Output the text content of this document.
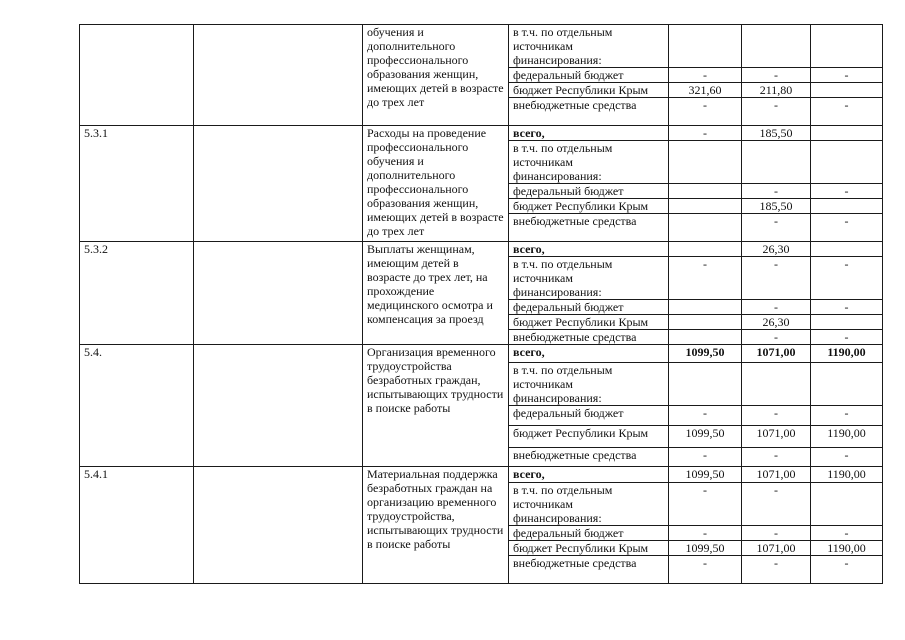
		обучения и дополнительного профессионального образования женщин, имеющих детей в возрасте до трех лет	в т.ч. по отдельным источникам финансирования:			
			федеральный бюджет	-	-	-
			бюджет Республики Крым	321,60	211,80	
			внебюджетные средства	-	-	-
5.3.1		Расходы на проведение профессионального обучения и дополнительного профессионального образования женщин, имеющих детей в возрасте до трех лет	всего,	-	185,50	
			в т.ч. по отдельным источникам финансирования:			
			федеральный бюджет		-	-
			бюджет Республики Крым		185,50	
			внебюджетные средства		-	-
5.3.2		Выплаты женщинам, имеющим детей в возрасте до трех лет, на прохождение медицинского осмотра и компенсация за проезд	всего,		26,30	
			в т.ч. по отдельным источникам финансирования:	-	-	-
			федеральный бюджет		-	-
			бюджет Республики Крым		26,30	
			внебюджетные средства		-	-
5.4.		Организация временного трудоустройства безработных граждан, испытывающих трудности в поиске работы	всего,	1099,50	1071,00	1190,00
			в т.ч. по отдельным источникам финансирования:			
			федеральный бюджет	-	-	-
			бюджет Республики Крым	1099,50	1071,00	1190,00
			внебюджетные средства	-	-	-
5.4.1		Материальная поддержка безработных граждан на организацию временного трудоустройства, испытывающих трудности в поиске работы	всего,	1099,50	1071,00	1190,00
			в т.ч. по отдельным источникам финансирования:	-	-	
			федеральный бюджет	-	-	-
			бюджет Республики Крым	1099,50	1071,00	1190,00
			внебюджетные средства	-	-	-
